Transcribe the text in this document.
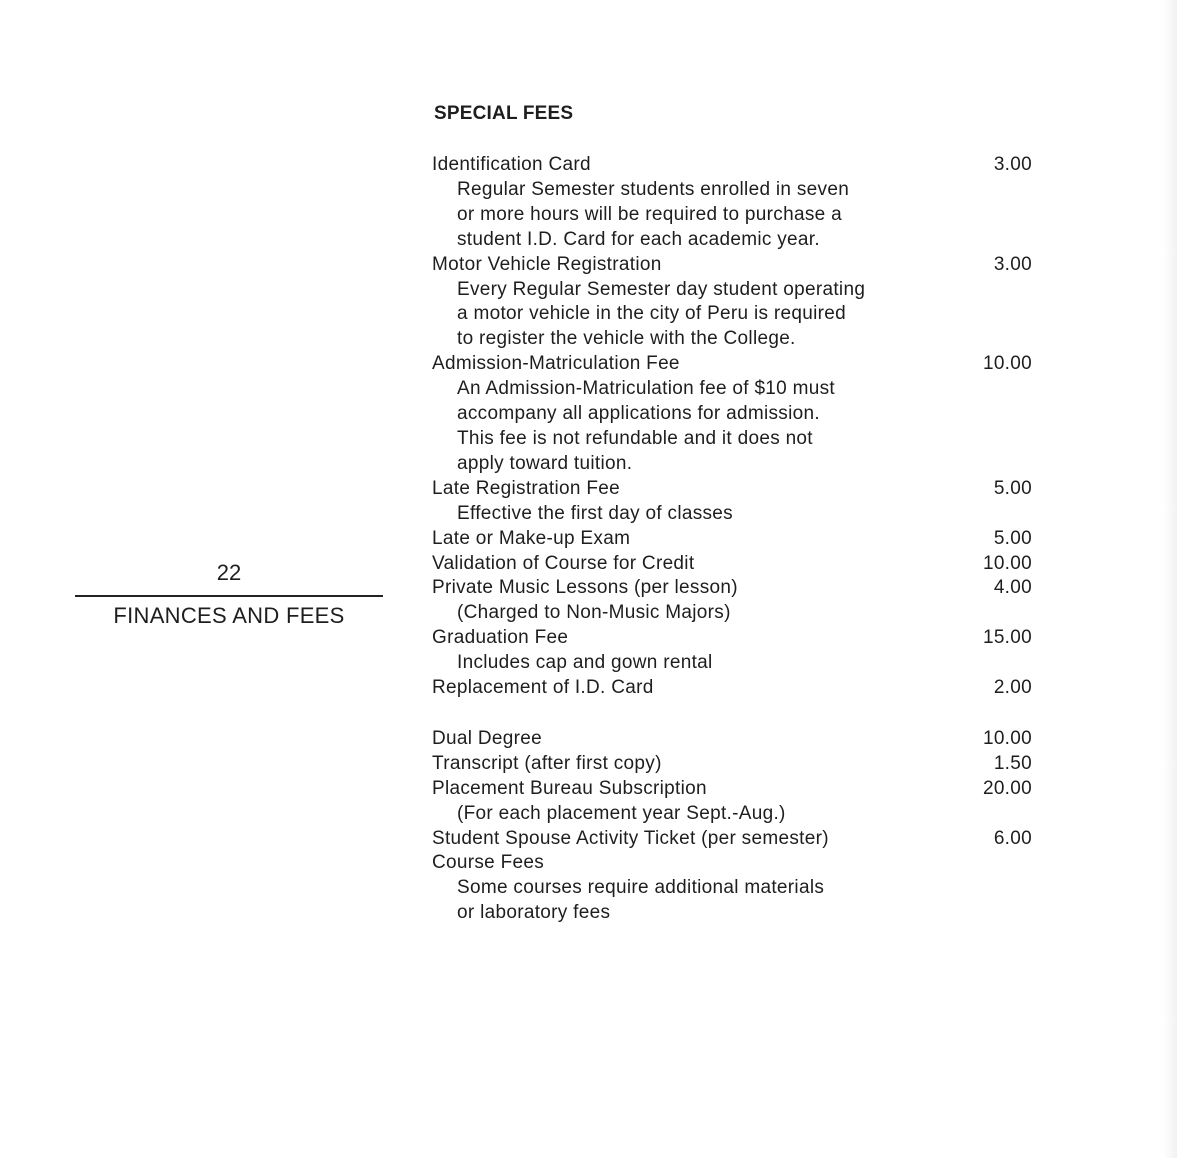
22
FINANCES AND FEES
SPECIAL FEES
Identification Card	3.00
Regular Semester students enrolled in seven
or more hours will be required to purchase a
student I.D. Card for each academic year.
Motor Vehicle Registration	3.00
Every Regular Semester day student operating
a motor vehicle in the city of Peru is required
to register the vehicle with the College.
Admission-Matriculation Fee	10.00
An Admission-Matriculation fee of $10 must
accompany all applications for admission.
This fee is not refundable and it does not
apply toward tuition.
Late Registration Fee	5.00
Effective the first day of classes
Late or Make-up Exam	5.00
Validation of Course for Credit	10.00
Private Music Lessons (per lesson)	4.00
(Charged to Non-Music Majors)
Graduation Fee	15.00
Includes cap and gown rental
Replacement of I.D. Card	2.00
Dual Degree	10.00
Transcript (after first copy)	1.50
Placement Bureau Subscription	20.00
(For each placement year Sept.-Aug.)
Student Spouse Activity Ticket (per semester)	6.00
Course Fees
Some courses require additional materials
or laboratory fees
